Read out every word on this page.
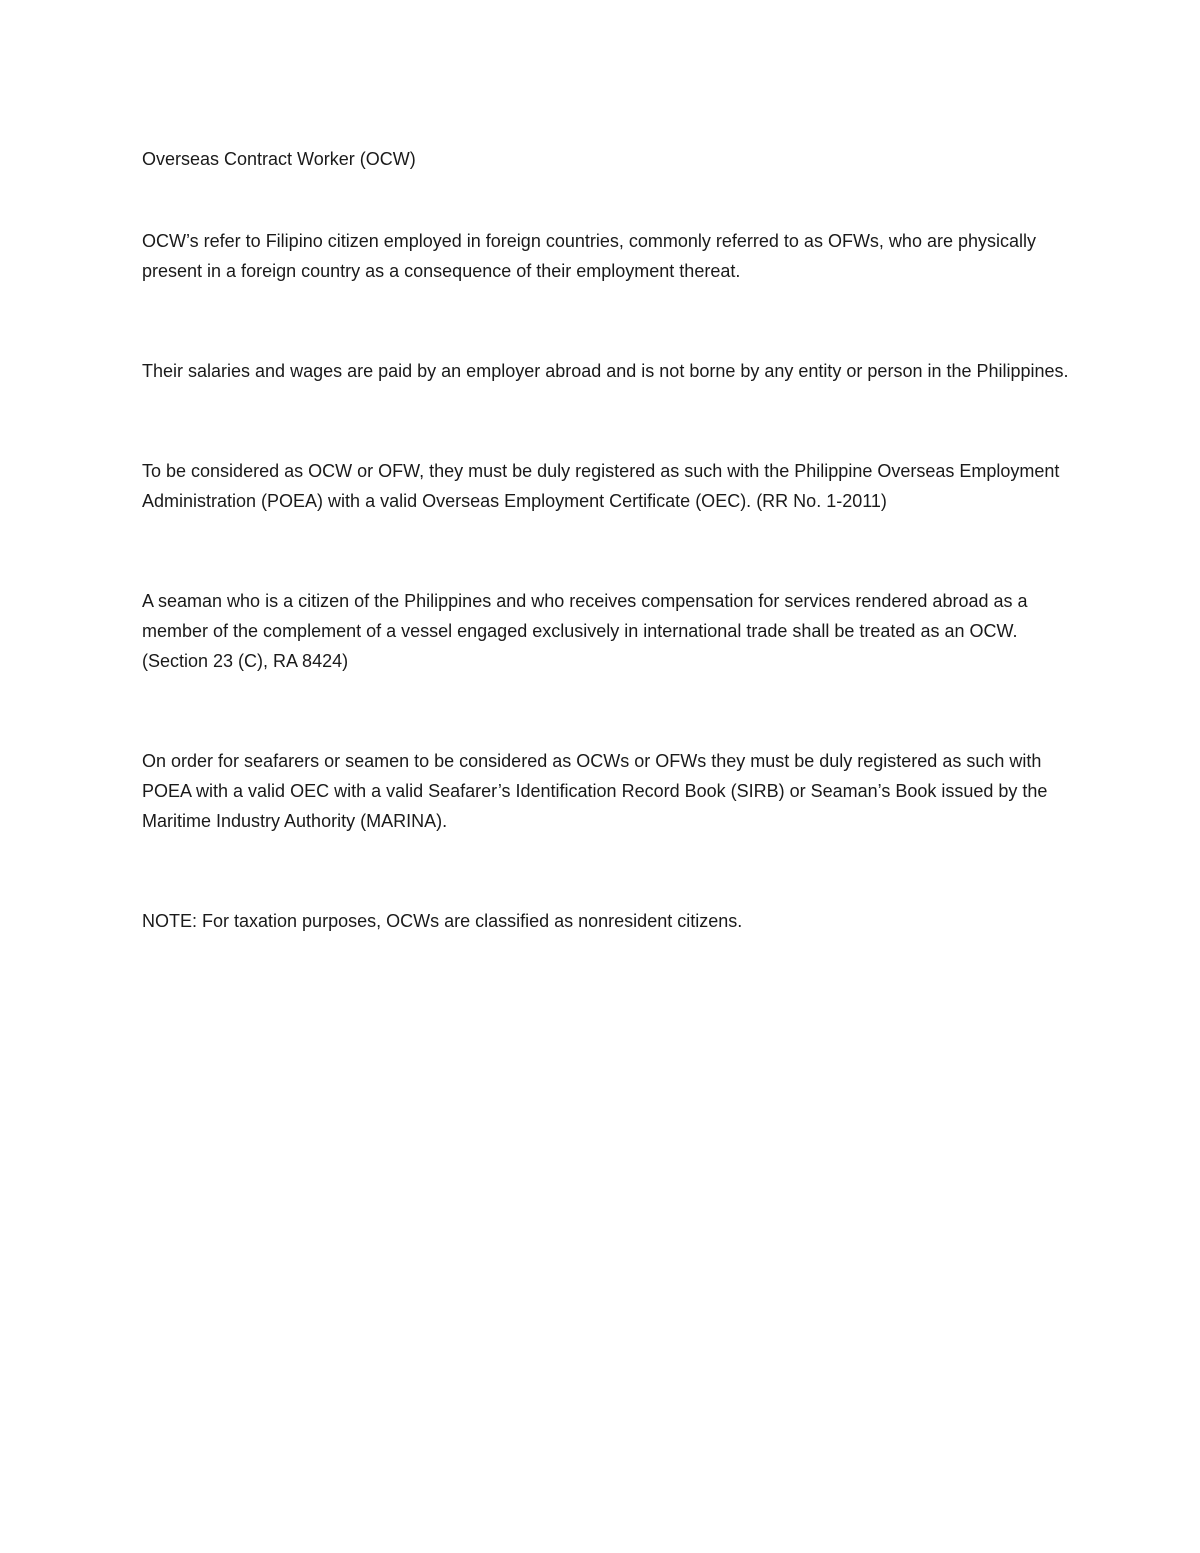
Overseas Contract Worker (OCW)

OCW’s refer to Filipino citizen employed in foreign countries, commonly referred to as OFWs, who are physically present in a foreign country as a consequence of their employment thereat.

Their salaries and wages are paid by an employer abroad and is not borne by any entity or person in the Philippines.

To be considered as OCW or OFW, they must be duly registered as such with the Philippine Overseas Employment Administration (POEA) with a valid Overseas Employment Certificate (OEC). (RR No. 1-2011)

A seaman who is a citizen of the Philippines and who receives compensation for services rendered abroad as a member of the complement of a vessel engaged exclusively in international trade shall be treated as an OCW. (Section 23 (C), RA 8424)

On order for seafarers or seamen to be considered as OCWs or OFWs they must be duly registered as such with POEA with a valid OEC with a valid Seafarer’s Identification Record Book (SIRB) or Seaman’s Book issued by the Maritime Industry Authority (MARINA).

NOTE: For taxation purposes, OCWs are classified as nonresident citizens.
